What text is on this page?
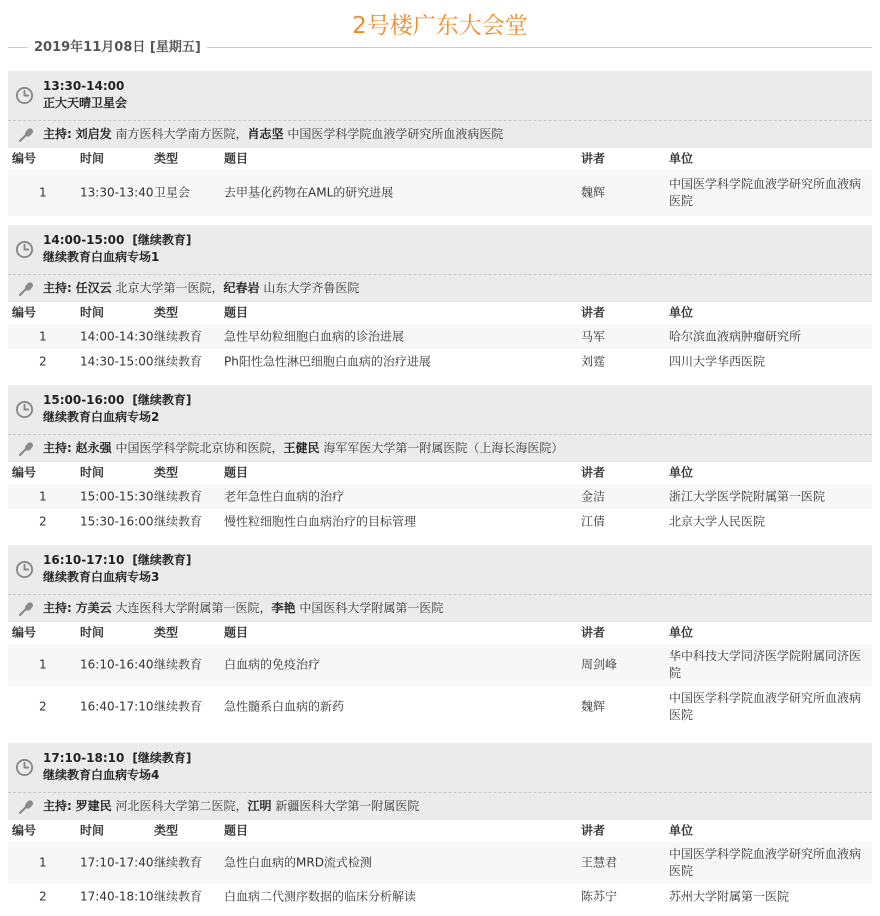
2号楼广东大会堂
2019年11月08日 [星期五]
13:30-14:00
正大天晴卫星会
主持: 刘启发 南方医科大学南方医院，肖志坚 中国医学科学院血液学研究所血液病医院
编号	时间	类型	题目	讲者	单位
1	13:30-13:40 卫星会	去甲基化药物在AML的研究进展	魏辉
中国医学科学院血液学研究所血液病医院
14:00-15:00 [继续教育]
继续教育白血病专场1
主持: 任汉云 北京大学第一医院，纪春岩 山东大学齐鲁医院
编号	时间	类型	题目	讲者	单位
1	14:00-14:30 继续教育 急性早幼粒细胞白血病的诊治进展	马军	哈尔滨血液病肿瘤研究所
2	14:30-15:00 继续教育 Ph阳性急性淋巴细胞白血病的治疗进展	刘霆	四川大学华西医院
15:00-16:00 [继续教育]
继续教育白血病专场2
主持: 赵永强 中国医学科学院北京协和医院，王健民 海军军医大学第一附属医院（上海长海医院）
编号	时间	类型	题目	讲者	单位
1	15:00-15:30 继续教育 老年急性白血病的治疗	金洁	浙江大学医学院附属第一医院
2	15:30-16:00 继续教育 慢性粒细胞性白血病治疗的目标管理	江倩	北京大学人民医院
16:10-17:10 [继续教育]
继续教育白血病专场3
主持: 方美云 大连医科大学附属第一医院，李艳 中国医科大学附属第一医院
编号	时间	类型	题目	讲者	单位
1	16:10-16:40 继续教育 白血病的免疫治疗	周剑峰
华中科技大学同济医学院附属同济医院
2	16:40-17:10 继续教育 急性髓系白血病的新药	魏辉
中国医学科学院血液学研究所血液病医院
17:10-18:10 [继续教育]
继续教育白血病专场4
主持: 罗建民 河北医科大学第二医院，江明 新疆医科大学第一附属医院
编号	时间	类型	题目	讲者	单位
1	17:10-17:40 继续教育 急性白血病的MRD流式检测	王慧君
中国医学科学院血液学研究所血液病医院
2	17:40-18:10 继续教育 白血病二代测序数据的临床分析解读	陈苏宁	苏州大学附属第一医院
